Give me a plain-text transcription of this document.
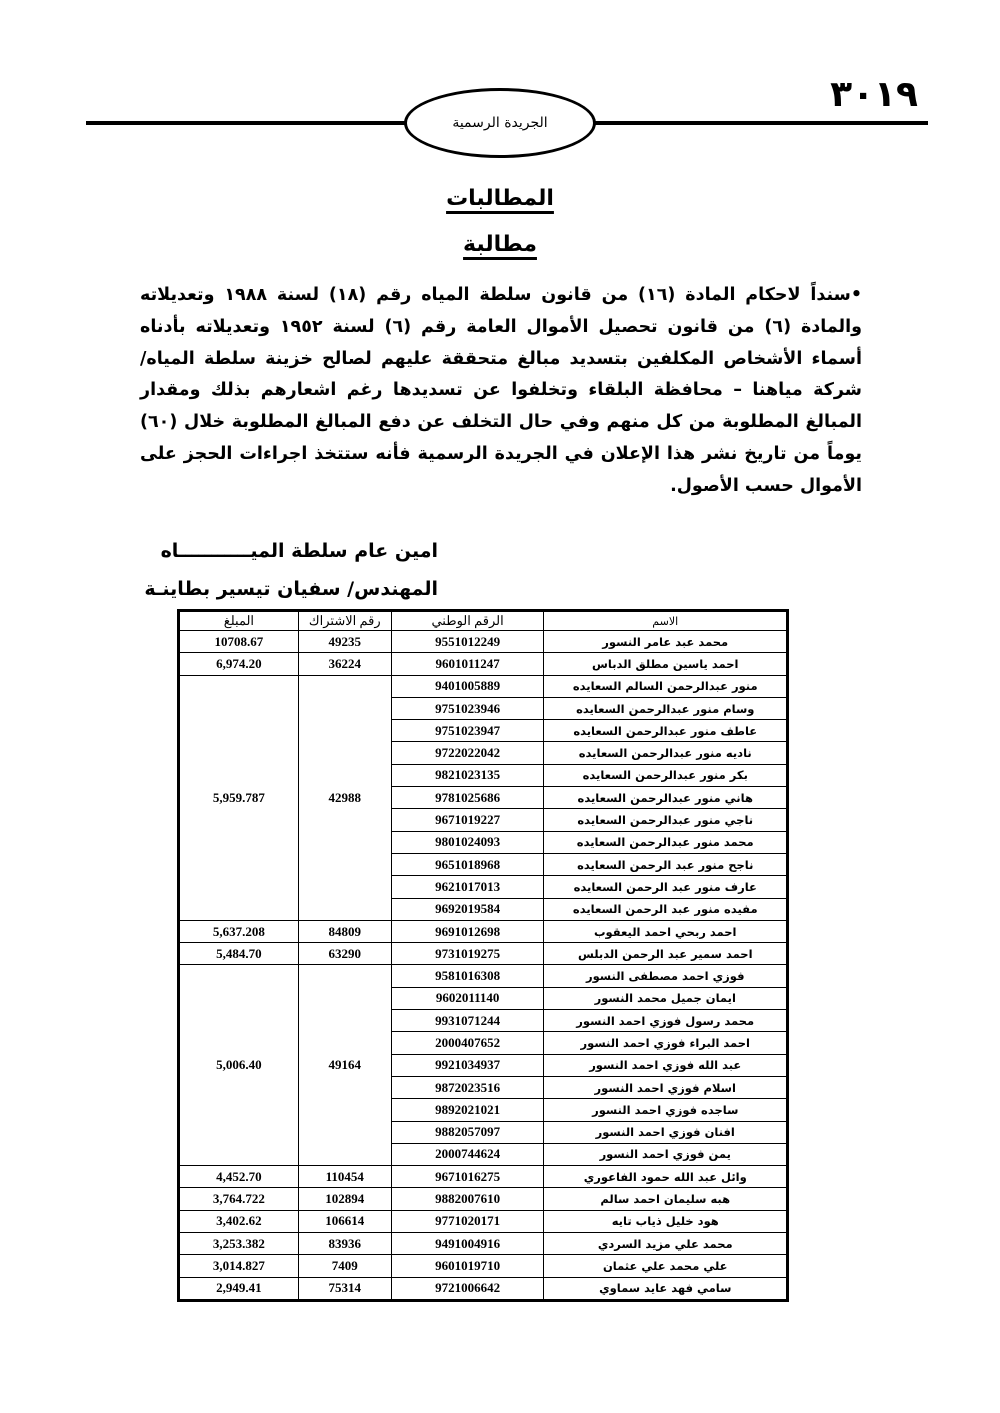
٣٠١٩
الجريدة الرسمية
المطالبات
مطالبة
•سنداً لاحكام المادة (١٦) من قانون سلطة المياه رقم (١٨) لسنة ١٩٨٨ وتعديلاته والمادة (٦) من قانون تحصيل الأموال العامة رقم (٦) لسنة ١٩٥٢ وتعديلاته بأدناه أسماء الأشخاص المكلفين بتسديد مبالغ متحققة عليهم لصالح خزينة سلطة المياه/ شركة مياهنا – محافظة البلقاء وتخلفوا عن تسديدها رغم اشعارهم بذلك ومقدار المبالغ المطلوبة من كل منهم وفي حال التخلف عن دفع المبالغ المطلوبة خلال (٦٠) يوماً من تاريخ نشر هذا الإعلان في الجريدة الرسمية فأنه ستتخذ اجراءات الحجز على الأموال حسب الأصول.
امين عام سلطة الميـــــــــــاه
المهندس/ سفيان تيسير بطاينـة
الاسم	الرقم الوطني	رقم الاشتراك	المبلغ
محمد عبد عامر النسور	9551012249	49235	10708.67
احمد ياسين مطلق الدباس	9601011247	36224	6,974.20
منور عبدالرحمن السالم السعايده	9401005889	42988	5,959.787
وسام منور عبدالرحمن السعايده	9751023946		
عاطف منور عبدالرحمن السعايده	9751023947		
ناديه منور عبدالرحمن السعايده	9722022042		
بكر منور عبدالرحمن السعايده	9821023135		
هاني منور عبدالرحمن السعايده	9781025686		
ناجي منور عبدالرحمن السعايده	9671019227		
محمد منور عبدالرحمن السعايده	9801024093		
ناجح منور عبد الرحمن السعايده	9651018968		
عارف منور عبد الرحمن السعايده	9621017013		
مفيده منور عبد الرحمن السعايده	9692019584		
احمد ربحي احمد اليعقوب	9691012698	84809	5,637.208
احمد سمير عبد الرحمن الدبلس	9731019275	63290	5,484.70
فوزي احمد مصطفى النسور	9581016308	49164	5,006.40
ايمان جميل محمد النسور	9602011140		
محمد رسول فوزي احمد النسور	9931071244		
احمد البراء فوزي احمد النسور	2000407652		
عبد الله فوزي احمد النسور	9921034937		
اسلام فوزي احمد النسور	9872023516		
ساجده فوزي احمد النسور	9892021021		
افنان فوزي احمد النسور	9882057097		
يمن فوزي احمد النسور	2000744624		
وائل عبد الله حمود الفاعوري	9671016275	110454	4,452.70
هبه سليمان احمد سالم	9882007610	102894	3,764.722
هود خليل ذياب تايه	9771020171	106614	3,402.62
محمد علي مزيد السردي	9491004916	83936	3,253.382
علي محمد علي عثمان	9601019710	7409	3,014.827
سامي فهد عايد سماوي	9721006642	75314	2,949.41
